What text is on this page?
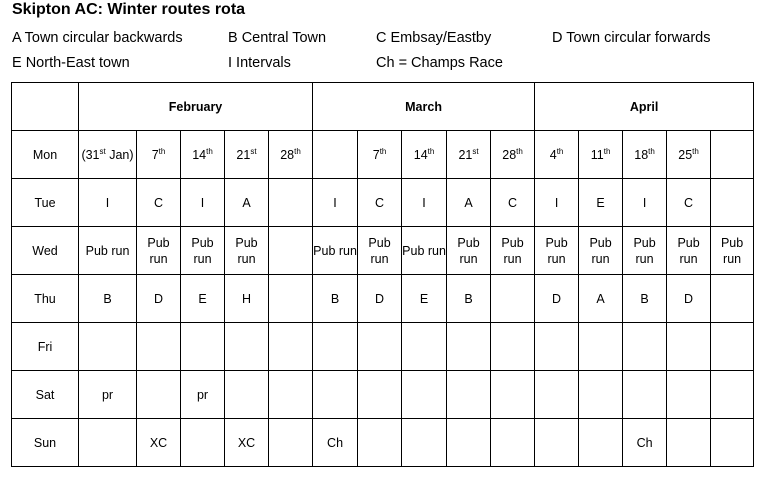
Skipton AC: Winter routes rota
A Town circular backwards	B Central Town	C Embsay/Eastby	D Town circular forwards
E North-East town	I Intervals	Ch = Champs Race
	February					March					April				
Mon	(31st Jan)	7th	14th	21st	28th		7th	14th	21st	28th	4th	11th	18th	25th	
Tue	I	C	I	A		I	C	I	A	C	I	E	I	C	
Wed	Pub run	Pub run	Pub run	Pub run		Pub run	Pub run	Pub run	Pub run	Pub run	Pub run	Pub run	Pub run	Pub run	Pub run
Thu	B	D	E	H		B	D	E	B		D	A	B	D	
Fri															
Sat	pr		pr												
Sun		XC		XC		Ch							Ch		
